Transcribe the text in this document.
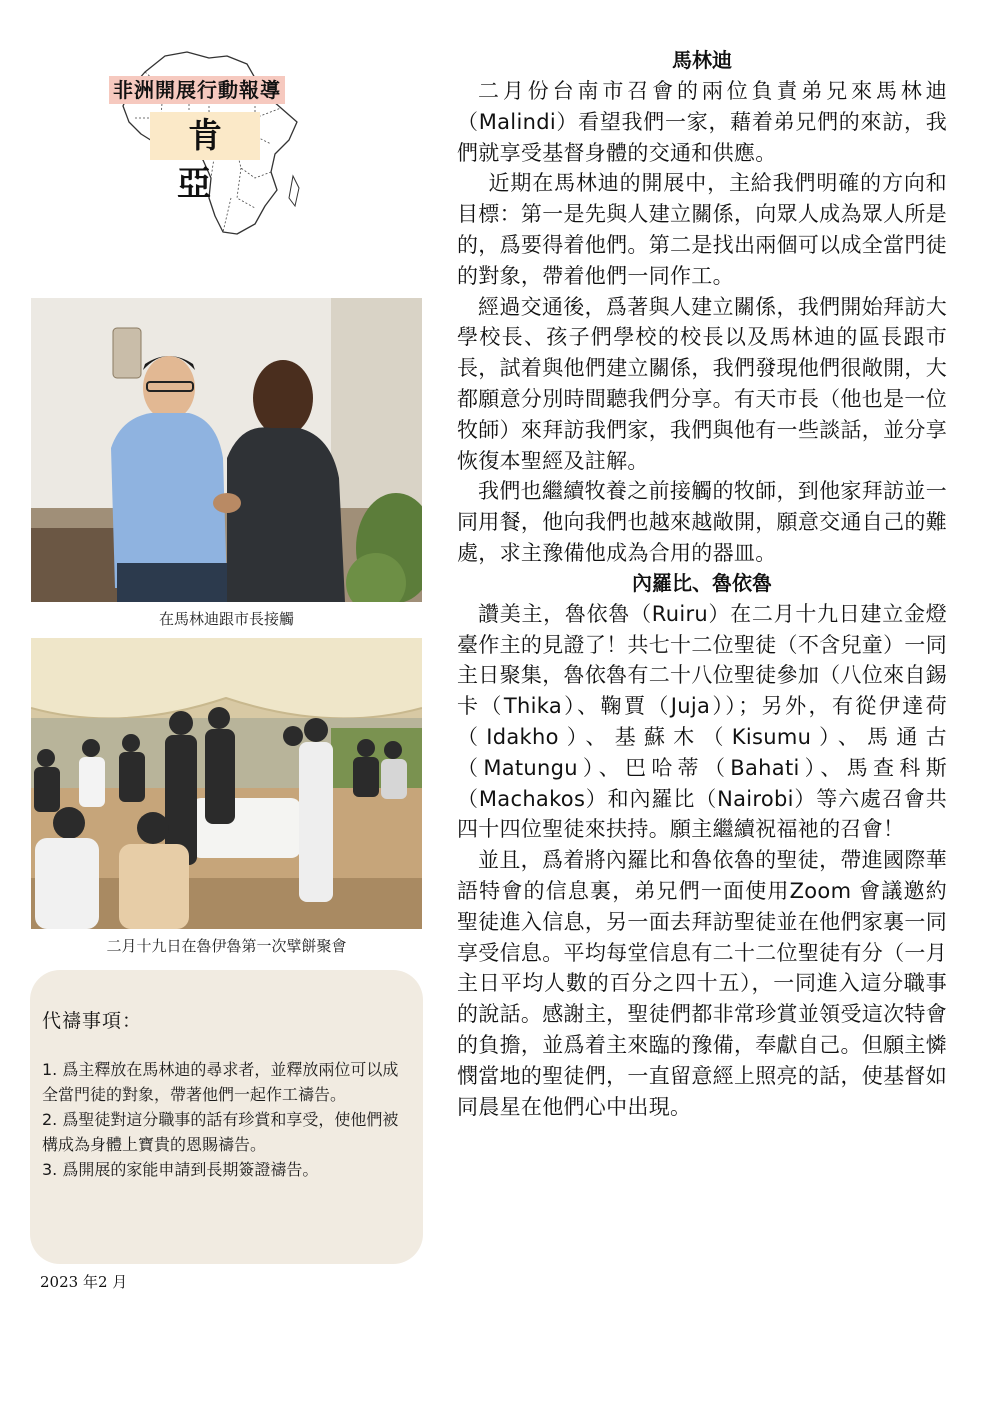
非洲開展行動報導
肯 亞
在馬林迪跟市長接觸
二月十九日在魯伊魯第一次擘餅聚會

代禱事項：

1. 爲主釋放在馬林迪的尋求者，並釋放兩位可以成全當門徒的對象，帶著他們一起作工禱告。

2. 爲聖徒對這分職事的話有珍賞和享受，使他們被構成為身體上寶貴的恩賜禱告。

3. 爲開展的家能申請到長期簽證禱告。

2023 年2 月
馬林迪

二月份台南市召會的兩位負責弟兄來馬林迪（Malindi）看望我們一家，藉着弟兄們的來訪，我們就享受基督身體的交通和供應。

近期在馬林迪的開展中，主給我們明確的方向和目標：第一是先與人建立關係，向眾人成為眾人所是的，爲要得着他們。第二是找出兩個可以成全當門徒的對象，帶着他們一同作工。

經過交通後，爲著與人建立關係，我們開始拜訪大學校長、孩子們學校的校長以及馬林迪的區長跟市長，試着與他們建立關係，我們發現他們很敞開，大都願意分別時間聽我們分享。有天市長（他也是一位牧師）來拜訪我們家，我們與他有一些談話，並分享恢復本聖經及註解。

我們也繼續牧養之前接觸的牧師，到他家拜訪並一同用餐，他向我們也越來越敞開，願意交通自己的難處，求主豫備他成為合用的器皿。

內羅比、魯依魯

讚美主，魯依魯（Ruiru）在二月十九日建立金燈臺作主的見證了！共七十二位聖徒（不含兒童）一同主日聚集，魯依魯有二十八位聖徒參加（八位來自錫卡（Thika）、鞠賈（Juja））；另外，有從伊達荷（Idakho）、基蘇木（Kisumu）、馬通古（Matungu）、巴哈蒂（Bahati）、馬查科斯（Machakos）和內羅比（Nairobi）等六處召會共四十四位聖徒來扶持。願主繼續祝福祂的召會！

並且，爲着將內羅比和魯依魯的聖徒，帶進國際華語特會的信息裏，弟兄們一面使用Zoom 會議邀約聖徒進入信息，另一面去拜訪聖徒並在他們家裏一同享受信息。平均每堂信息有二十二位聖徒有分（一月主日平均人數的百分之四十五），一同進入這分職事的說話。感謝主，聖徒們都非常珍賞並領受這次特會的負擔，並爲着主來臨的豫備，奉獻自己。但願主憐憫當地的聖徒們，一直留意經上照亮的話，使基督如同晨星在他們心中出現。
